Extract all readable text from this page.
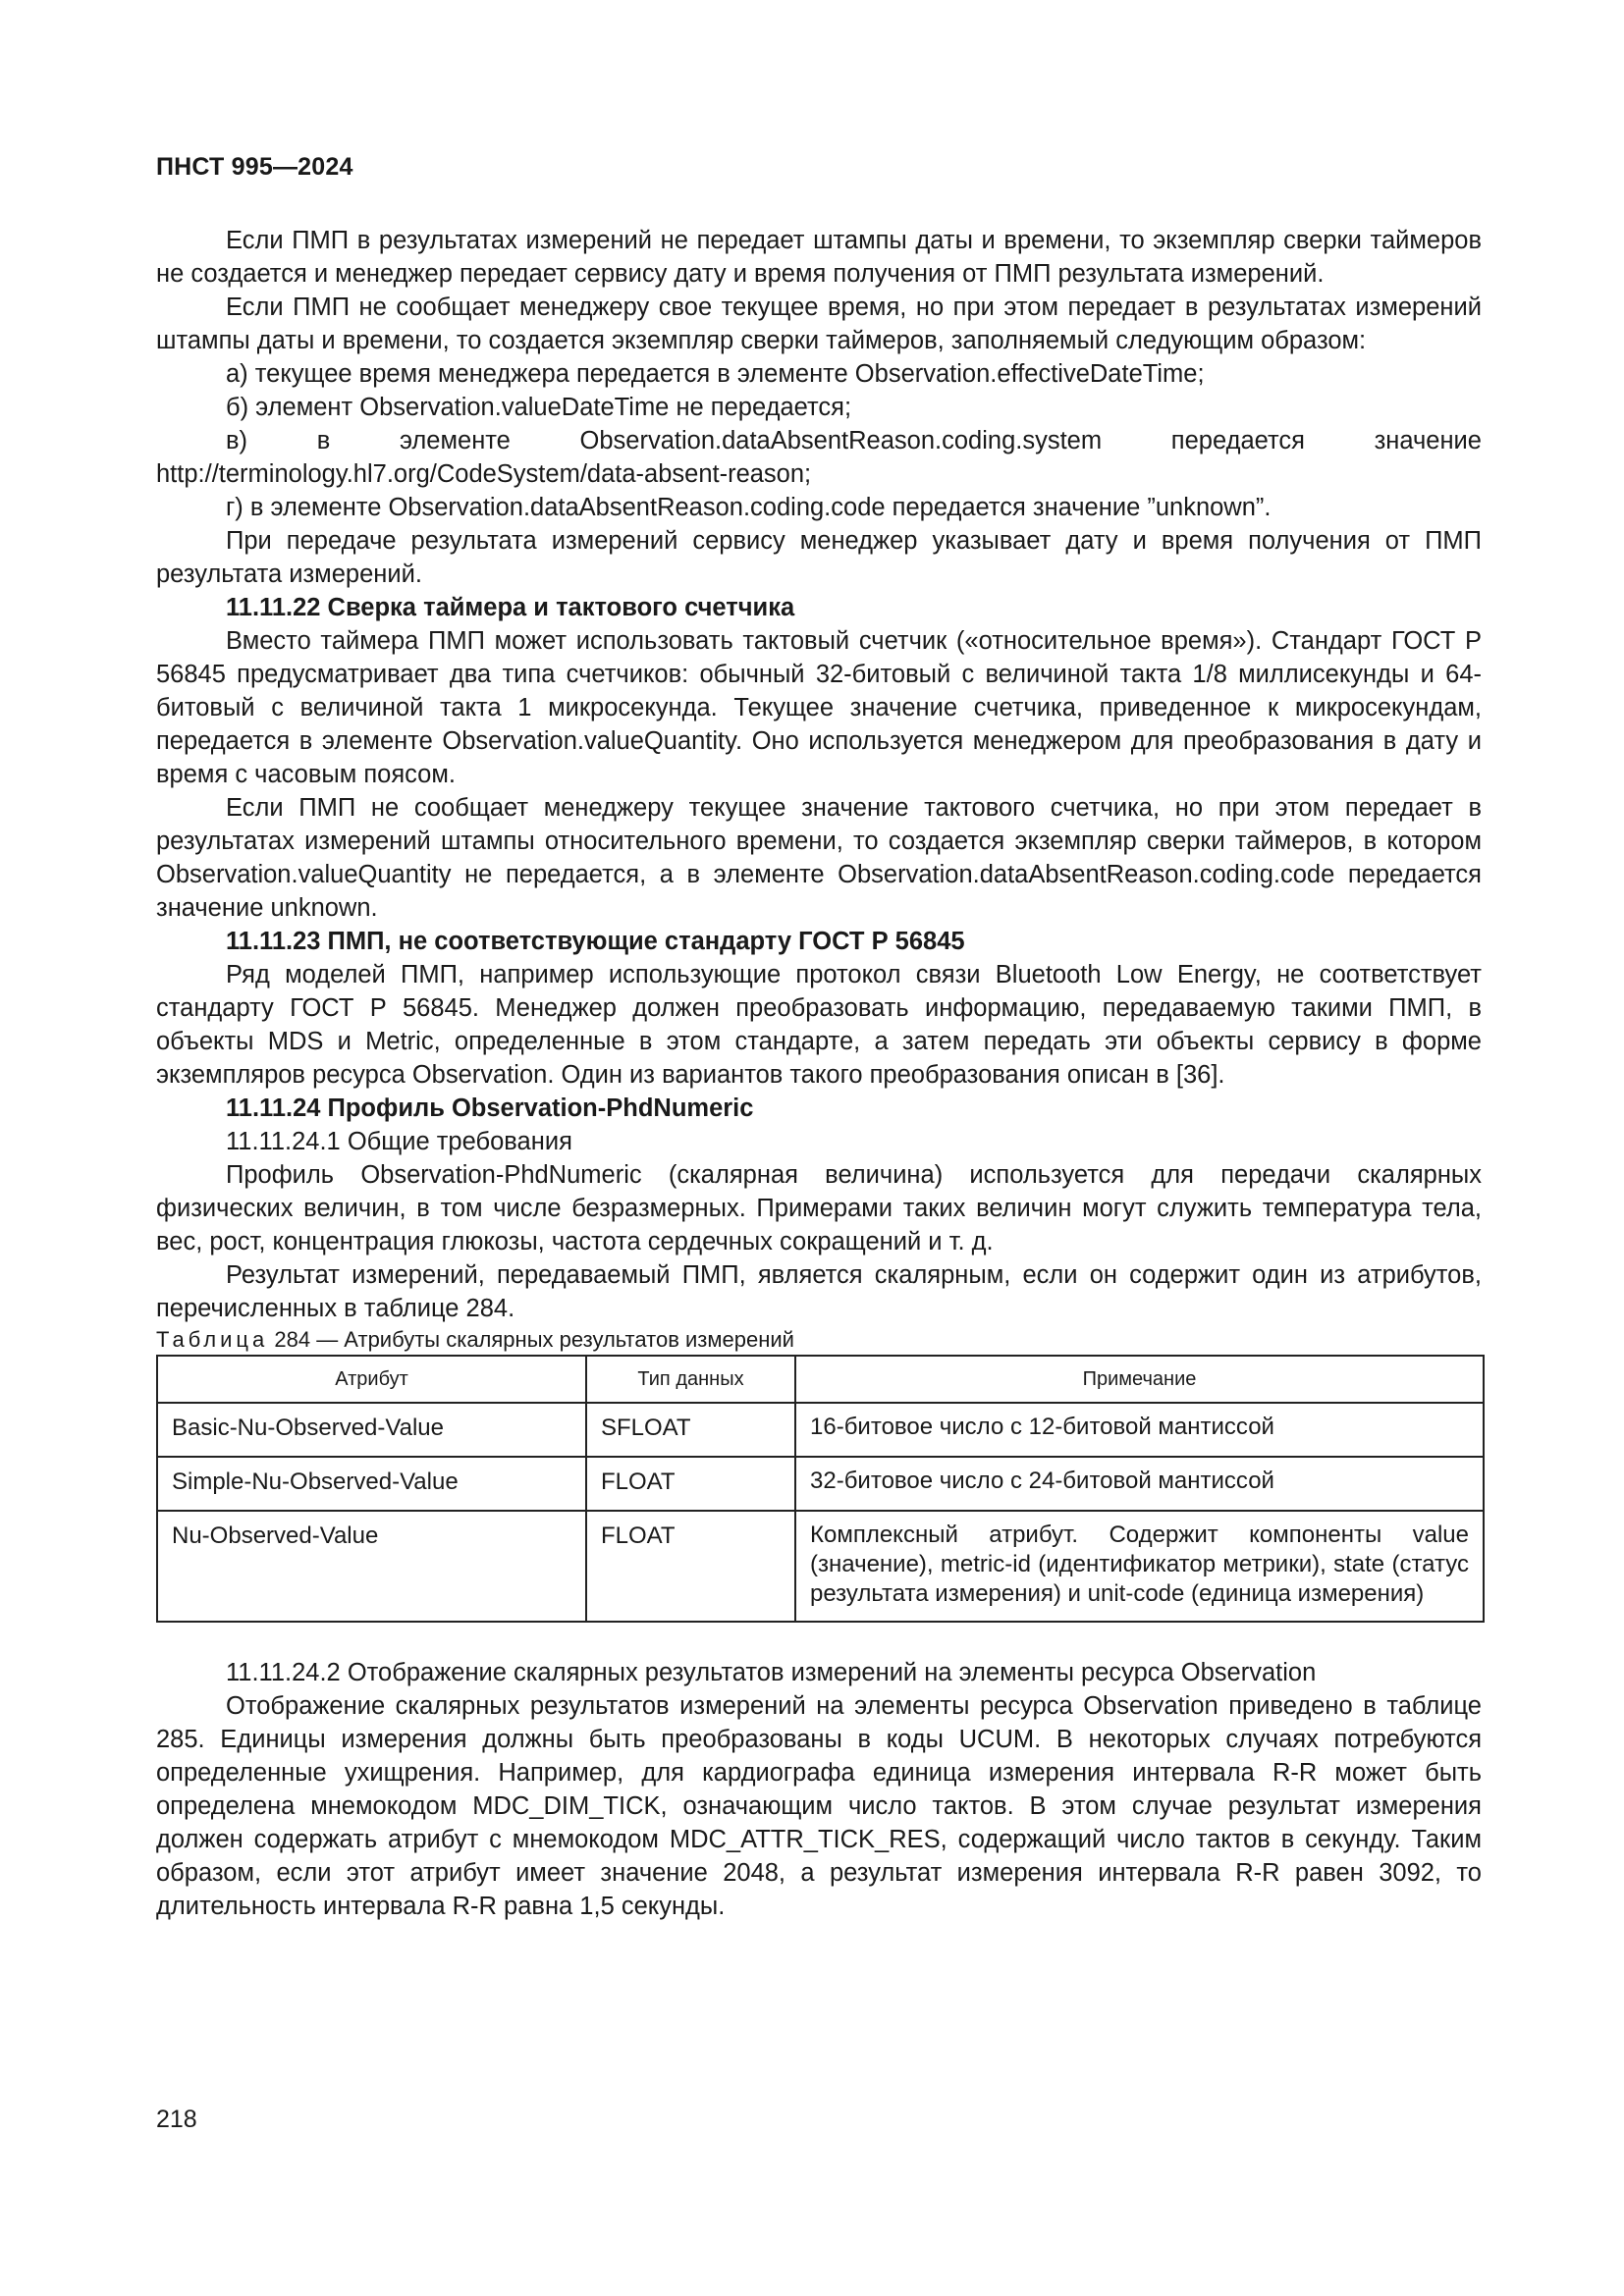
ПНСТ 995—2024

Если ПМП в результатах измерений не передает штампы даты и времени, то экземпляр сверки таймеров не создается и менеджер передает сервису дату и время получения от ПМП результата измерений.

Если ПМП не сообщает менеджеру свое текущее время, но при этом передает в результатах измерений штампы даты и времени, то создается экземпляр сверки таймеров, заполняемый следующим образом:

а) текущее время менеджера передается в элементе Observation.effectiveDateTime;

б) элемент Observation.valueDateTime не передается;

в) в элементе Observation.dataAbsentReason.coding.system передается значение http://terminology.hl7.org/CodeSystem/data-absent-reason;

г) в элементе Observation.dataAbsentReason.coding.code передается значение ”unknown”.

При передаче результата измерений сервису менеджер указывает дату и время получения от ПМП результата измерений.

11.11.22 Сверка таймера и тактового счетчика

Вместо таймера ПМП может использовать тактовый счетчик («относительное время»). Стандарт ГОСТ Р 56845 предусматривает два типа счетчиков: обычный 32-битовый с величиной такта 1/8 миллисекунды и 64-битовый с величиной такта 1 микросекунда. Текущее значение счетчика, приведенное к микросекундам, передается в элементе Observation.valueQuantity. Оно используется менеджером для преобразования в дату и время с часовым поясом.

Если ПМП не сообщает менеджеру текущее значение тактового счетчика, но при этом передает в результатах измерений штампы относительного времени, то создается экземпляр сверки таймеров, в котором Observation.valueQuantity не передается, а в элементе Observation.dataAbsentReason.coding.code передается значение unknown.

11.11.23 ПМП, не соответствующие стандарту ГОСТ Р 56845

Ряд моделей ПМП, например использующие протокол связи Bluetooth Low Energy, не соответствует стандарту ГОСТ Р 56845. Менеджер должен преобразовать информацию, передаваемую такими ПМП, в объекты MDS и Metric, определенные в этом стандарте, а затем передать эти объекты сервису в форме экземпляров ресурса Observation. Один из вариантов такого преобразования описан в [36].

11.11.24 Профиль Observation-PhdNumeric

11.11.24.1 Общие требования

Профиль Observation-PhdNumeric (скалярная величина) используется для передачи скалярных физических величин, в том числе безразмерных. Примерами таких величин могут служить температура тела, вес, рост, концентрация глюкозы, частота сердечных сокращений и т. д.

Результат измерений, передаваемый ПМП, является скалярным, если он содержит один из атрибутов, перечисленных в таблице 284.

Таблица 284 — Атрибуты скалярных результатов измерений

Атрибут	Тип данных	Примечание
Basic-Nu-Observed-Value	SFLOAT	16-битовое число с 12-битовой мантиссой
Simple-Nu-Observed-Value	FLOAT	32-битовое число с 24-битовой мантиссой
Nu-Observed-Value	FLOAT	Комплексный атрибут. Содержит компоненты value (значение), metric-id (идентификатор метрики), state (статус результата измерения) и unit-code (единица измерения)

11.11.24.2 Отображение скалярных результатов измерений на элементы ресурса Observation

Отображение скалярных результатов измерений на элементы ресурса Observation приведено в таблице 285. Единицы измерения должны быть преобразованы в коды UCUM. В некоторых случаях потребуются определенные ухищрения. Например, для кардиографа единица измерения интервала R-R может быть определена мнемокодом MDC_DIM_TICK, означающим число тактов. В этом случае результат измерения должен содержать атрибут с мнемокодом MDC_ATTR_TICK_RES, содержащий число тактов в секунду. Таким образом, если этот атрибут имеет значение 2048, а результат измерения интервала R-R равен 3092, то длительность интервала R-R равна 1,5 секунды.

218
